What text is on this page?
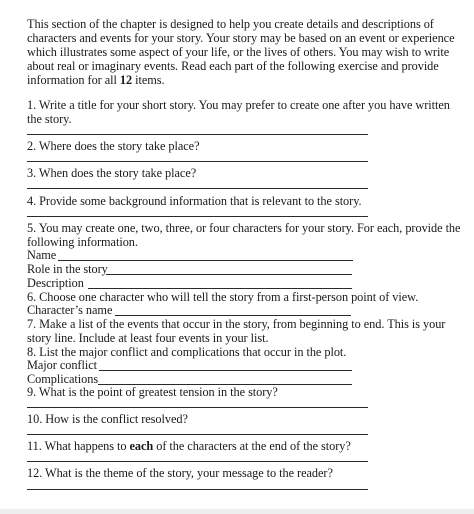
This section of the chapter is designed to help you create details and descriptions of
characters and events for your story. Your story may be based on an event or experience
which illustrates some aspect of your life, or the lives of others. You may wish to write
about real or imaginary events. Read each part of the following exercise and provide
information for all 12 items.
1. Write a title for your short story. You may prefer to create one after you have written
the story.
2. Where does the story take place?
3. When does the story take place?
4. Provide some background information that is relevant to the story.
5. You may create one, two, three, or four characters for your story. For each, provide the
following information.
Name
Role in the story
Description
6. Choose one character who will tell the story from a first-person point of view.
Character’s name
7. Make a list of the events that occur in the story, from beginning to end. This is your
story line. Include at least four events in your list.
8. List the major conflict and complications that occur in the plot.
Major conflict
Complications
9. What is the point of greatest tension in the story?
10. How is the conflict resolved?
11. What happens to each of the characters at the end of the story?
12. What is the theme of the story, your message to the reader?
